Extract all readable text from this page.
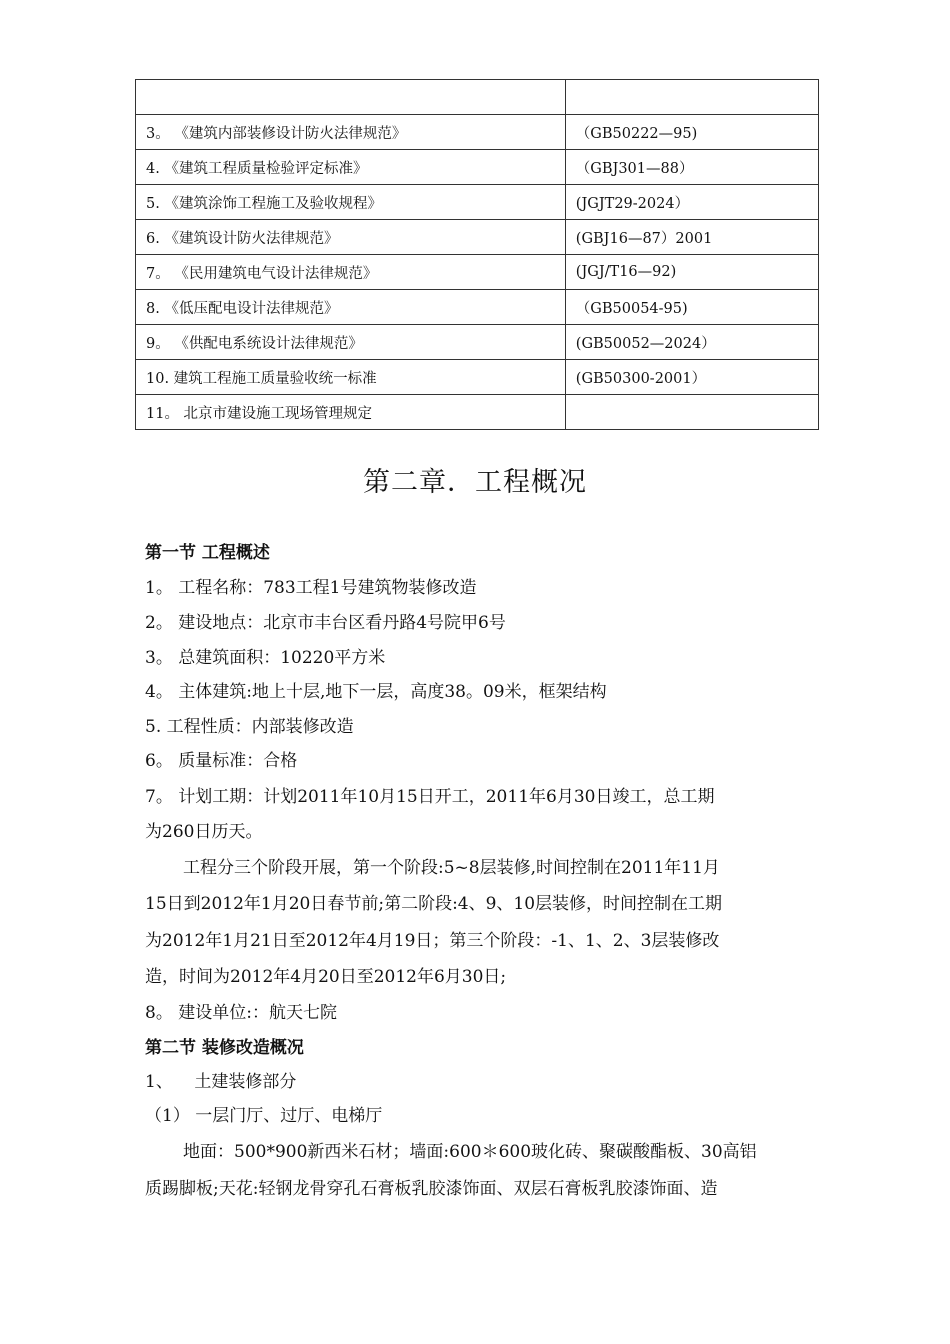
3。 《建筑内部装修设计防火法律规范》	（GB50222—95)
4. 《建筑工程质量检验评定标准》	（GBJ301—88）
5. 《建筑涂饰工程施工及验收规程》	(JGJT29-2024）
6. 《建筑设计防火法律规范》	(GBJ16—87）2001
7。 《民用建筑电气设计法律规范》	(JGJ/T16—92)
8. 《低压配电设计法律规范》	（GB50054-95)
9。 《供配电系统设计法律规范》	(GB50052—2024）
10. 建筑工程施工质量验收统一标准	(GB50300-2001）
11。 北京市建设施工现场管理规定	
第二章．工程概况
第一节 工程概述
1。 工程名称：783工程1号建筑物装修改造
2。 建设地点：北京市丰台区看丹路4号院甲6号
3。 总建筑面积：10220平方米
4。 主体建筑:地上十层,地下一层，高度38。09米，框架结构
5. 工程性质：内部装修改造
6。 质量标准：合格
7。 计划工期：计划2011年10月15日开工，2011年6月30日竣工，总工期
为260日历天。
工程分三个阶段开展，第一个阶段:5~8层装修,时间控制在2011年11月
15日到2012年1月20日春节前;第二阶段:4、9、10层装修，时间控制在工期
为2012年1月21日至2012年4月19日；第三个阶段：-1、1、2、3层装修改
造，时间为2012年4月20日至2012年6月30日;
8。 建设单位:：航天七院
第二节 装修改造概况
1、    土建装修部分
（1） 一层门厅、过厅、电梯厅
地面：500*900新西米石材；墙面:600＊600玻化砖、聚碳酸酯板、30高铝
质踢脚板;天花:轻钢龙骨穿孔石膏板乳胶漆饰面、双层石膏板乳胶漆饰面、造
